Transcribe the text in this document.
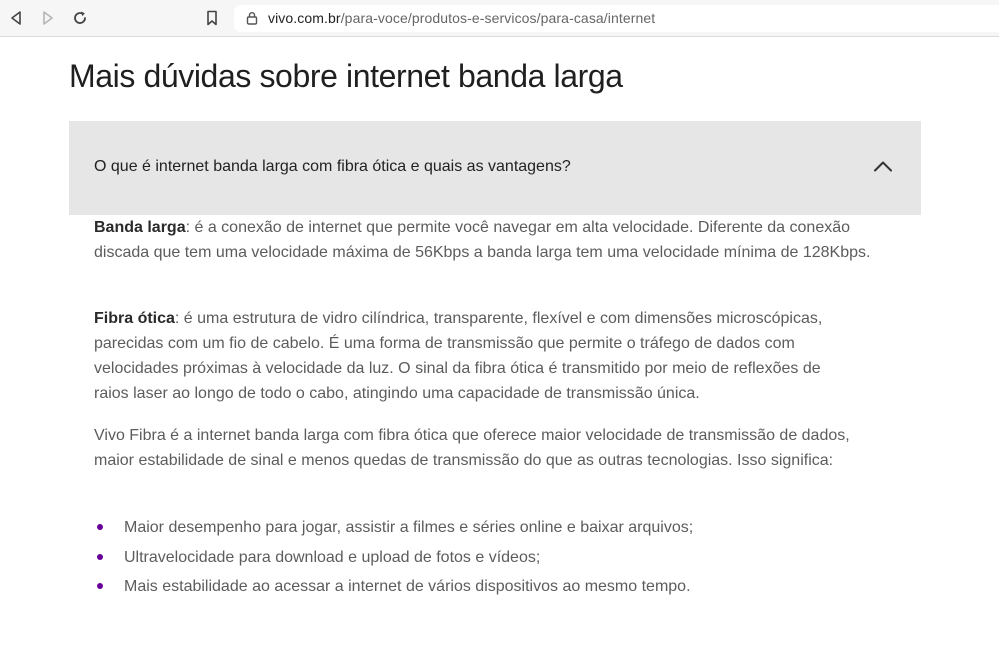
vivo.com.br/para-voce/produtos-e-servicos/para-casa/internet
Mais dúvidas sobre internet banda larga
O que é internet banda larga com fibra ótica e quais as vantagens?

Banda larga: é a conexão de internet que permite você navegar em alta velocidade. Diferente da conexão discada que tem uma velocidade máxima de 56Kbps a banda larga tem uma velocidade mínima de 128Kbps.

Fibra ótica: é uma estrutura de vidro cilíndrica, transparente, flexível e com dimensões microscópicas, parecidas com um fio de cabelo. É uma forma de transmissão que permite o tráfego de dados com velocidades próximas à velocidade da luz. O sinal da fibra ótica é transmitido por meio de reflexões de raios laser ao longo de todo o cabo, atingindo uma capacidade de transmissão única.

Vivo Fibra é a internet banda larga com fibra ótica que oferece maior velocidade de transmissão de dados, maior estabilidade de sinal e menos quedas de transmissão do que as outras tecnologias. Isso significa:

Maior desempenho para jogar, assistir a filmes e séries online e baixar arquivos;
Ultravelocidade para download e upload de fotos e vídeos;
Mais estabilidade ao acessar a internet de vários dispositivos ao mesmo tempo.
